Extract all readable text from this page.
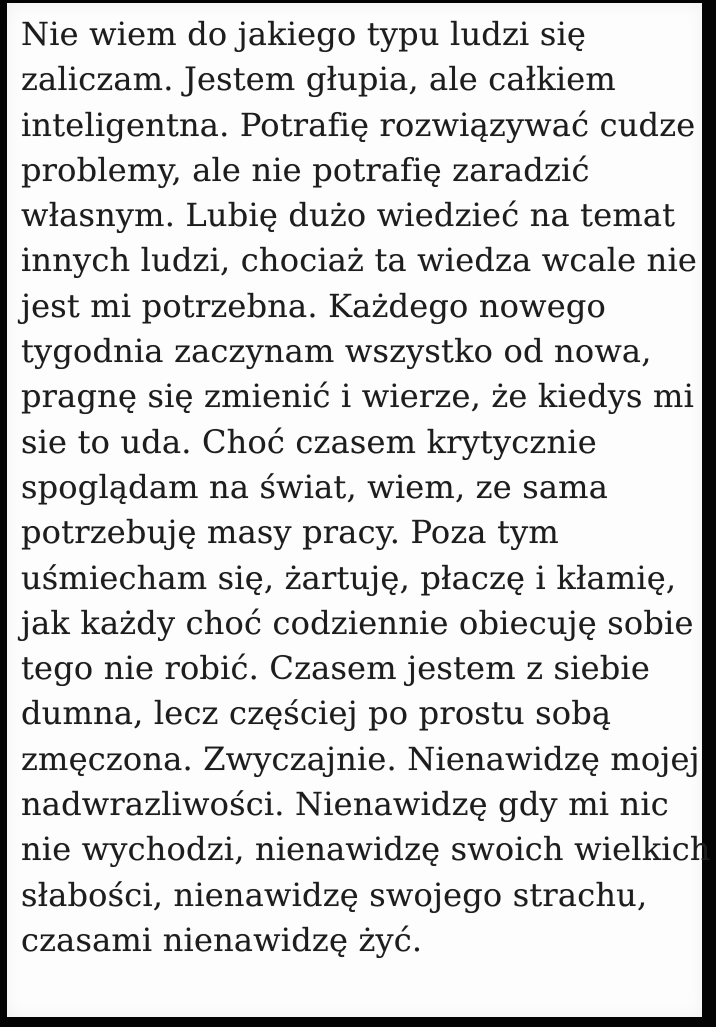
Nie wiem do jakiego typu ludzi się
zaliczam. Jestem głupia, ale całkiem
inteligentna. Potrafię rozwiązywać cudze
problemy, ale nie potrafię zaradzić
własnym. Lubię dużo wiedzieć na temat
innych ludzi, chociaż ta wiedza wcale nie
jest mi potrzebna. Każdego nowego
tygodnia zaczynam wszystko od nowa,
pragnę się zmienić i wierze, że kiedys mi
sie to uda. Choć czasem krytycznie
spoglądam na świat, wiem, ze sama
potrzebuję masy pracy. Poza tym
uśmiecham się, żartuję, płaczę i kłamię,
jak każdy choć codziennie obiecuję sobie
tego nie robić. Czasem jestem z siebie
dumna, lecz częściej po prostu sobą
zmęczona. Zwyczajnie. Nienawidzę mojej
nadwrazliwości. Nienawidzę gdy mi nic
nie wychodzi, nienawidzę swoich wielkich
słabości, nienawidzę swojego strachu,
czasami nienawidzę żyć.
